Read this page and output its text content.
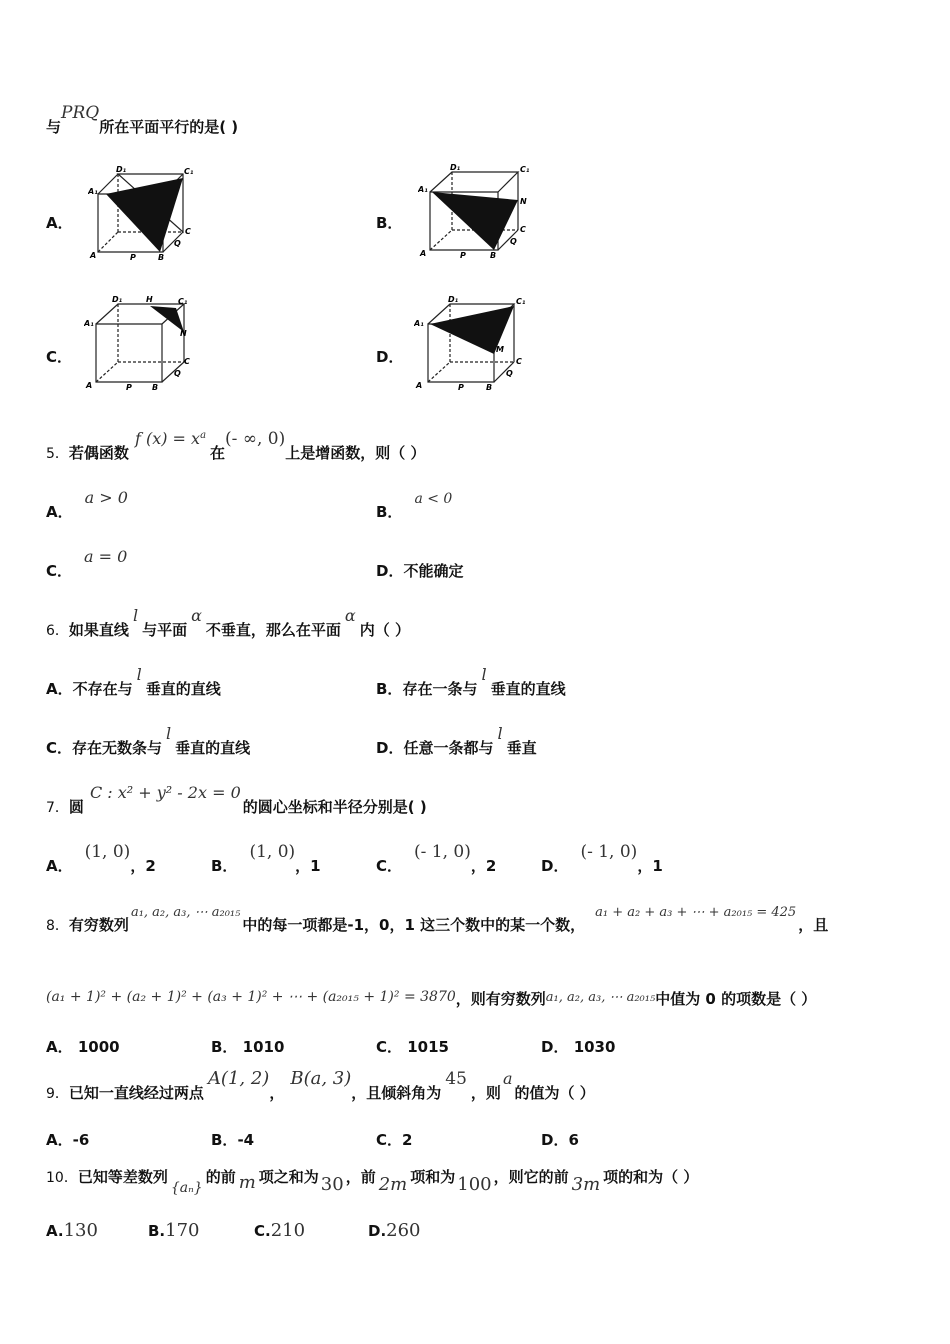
与PRQ所在平面平行的是( )
A．
A₁
D₁	C₁
A	P	B
Q
C	B．
A₁
D₁	C₁
N
A	P	B
Q
C
C．
A₁
D₁	H	C₁
N
A	P	B
Q
C	D．
A₁
D₁	C₁
M
A	P	B
Q
C
5．若偶函数f $(x) = x^a$在(- ∞, 0)上是增函数，则（ ）
A．a > 0
B．a < 0
C．a = 0
D．不能确定
6．如果直线l与平面α不垂直，那么在平面α内（ ）
A．不存在与l垂直的直线	B．存在一条与l垂直的直线
C．存在无数条与l垂直的直线	D．任意一条都与l垂直
7．圆C : x² + y² - 2x = 0的圆心坐标和半径分别是( )
A．(1, 0)，2	B．(1, 0)，1	C．(- 1, 0)，2	D．(- 1, 0)，1
8．有穷数列a₁, a₂, a₃, ⋯ a₂₀₁₅中的每一项都是-1，0，1 这三个数中的某一个数，a₁ + a₂ + a₃ + ⋯ + a₂₀₁₅ = 425，且
(a₁ + 1)² + (a₂ + 1)² + (a₃ + 1)² + ⋯ + (a₂₀₁₅ + 1)² = 3870，则有穷数列a₁, a₂, a₃, ⋯ a₂₀₁₅中值为 0 的项数是（ ）
A． 1000	B． 1010	C． 1015	D． 1030
9．已知一直线经过两点A(1, 2)，B(a, 3)，且倾斜角为45，则a的值为（ ）
A．-6	B．-4	C．2	D．6
10．已知等差数列{aₙ}的前 m 项之和为 30 ，前 2m 项和为 100 ，则它的前 3m 项的和为（ ）
A.130	B.170	C.210	D.260
